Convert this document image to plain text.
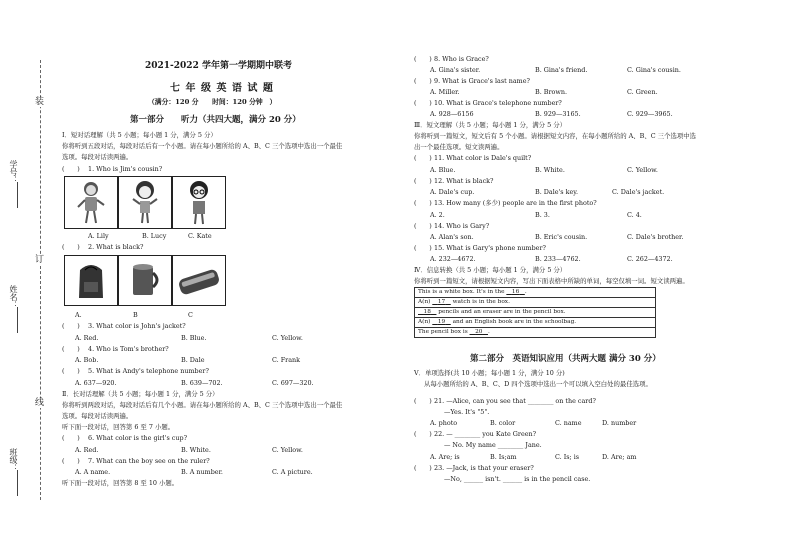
装
订
线
学号：
姓名：
班级：
2021-2022 学年第一学期期中联考
七 年 级 英 语 试 题
（满分：120 分　　时间：120 分钟　）
第一部分　　听力（共四大题，满分 20 分）
Ⅰ．短对话理解（共 5 小题；每小题 1 分，满分 5 分）
你将听到五段对话，每段对话后有一个小题。请在每小题所给的 A、B、C 三个选项中选出一个最佳
选项。每段对话读两遍。
(　　) 1. Who is Jim's cousin?
A. Lily	B. Lucy	C. Kate
(　　) 2. What is black?
A.	B	C
(　　) 3. What color is John's jacket?
A. Red.	B. Blue.	C. Yellow.
(　　) 4. Who is Tom's brother?
A. Bob.	B. Dale	C. Frank
(　　) 5. What is Andy's telephone number?
A. 637—920.	B. 639—702.	C. 697—320.
Ⅱ．长对话理解（共 5 小题；每小题 1 分，满分 5 分）
你将听到两段对话，每段对话后有几个小题。请在每小题所给的 A、B、C 三个选项中选出一个最佳
选项。每段对话读两遍。
听下面一段对话，回答第 6 至 7 小题。
(　　) 6. What color is the girl's cup?
A. Red.	B. White.	C. Yellow.
(　　) 7. What can the boy see on the ruler?
A. A name.	B. A number.	C. A picture.
听下面一段对话，回答第 8 至 10 小题。
(　　) 8. Who is Grace?
A. Gina's sister.	B. Gina's friend.	C. Gina's cousin.
(　　) 9. What is Grace's last name?
A. Miller.	B. Brown.	C. Green.
(　　) 10. What is Grace's telephone number?
A. 928—6156	B. 929—3165.	C. 929—3965.
Ⅲ．短文理解（共 5 小题；每小题 1 分，满分 5 分）
你将听到一篇短文，短文后有 5 个小题。请根据短文内容，在每小题所给的 A、B、C 三个选项中选
出一个最佳选项。短文读两遍。
(　　) 11. What color is Dale's quilt?
A. Blue.	B. White.	C. Yellow.
(　　) 12. What is black?
A. Dale's cup.	B. Dale's key.	C. Dale's jacket.
(　　) 13. How many (多少) people are in the first photo?
A. 2.	B. 3.	C. 4.
(　　) 14. Who is Gary?
A. Alan's son.	B. Eric's cousin.	C. Dale's brother.
(　　) 15. What is Gary's phone number?
A. 232—4672.	B. 233—4762.	C. 262—4372.
Ⅳ．信息转换（共 5 小题；每小题 1 分，满分 5 分）
你将听到一篇短文，请根据短文内容，写出下面表格中所缺的单词，每空仅填一词。短文读两遍。
This is a white box. It's in the 16 .
A(n) 17 watch is in the box.
18 pencils and an eraser are in the pencil box.
A(n) 19 and an English book are in the schoolbag.
The pencil box is 20 .
第二部分　英语知识应用（共两大题 满分 30 分）
Ⅴ．单项选择(共 10 小题；每小题 1 分，满分 10 分)
从每小题所给的 A、B、C、D 四个选项中选出一个可以填入空白处的最佳选项。
(　　) 21. —Alice, can you see that ________ on the card?
—Yes. It's "5".
A. photo	B. color	C. name	D. number
(　　) 22. — ________ you Kate Green?
— No. My name ________ Jane.
A. Are; is	B. Is;am	C. Is; is	D. Are; am
(　　) 23. —Jack, is that your eraser?
—No, ______ isn't. ______ is in the pencil case.
